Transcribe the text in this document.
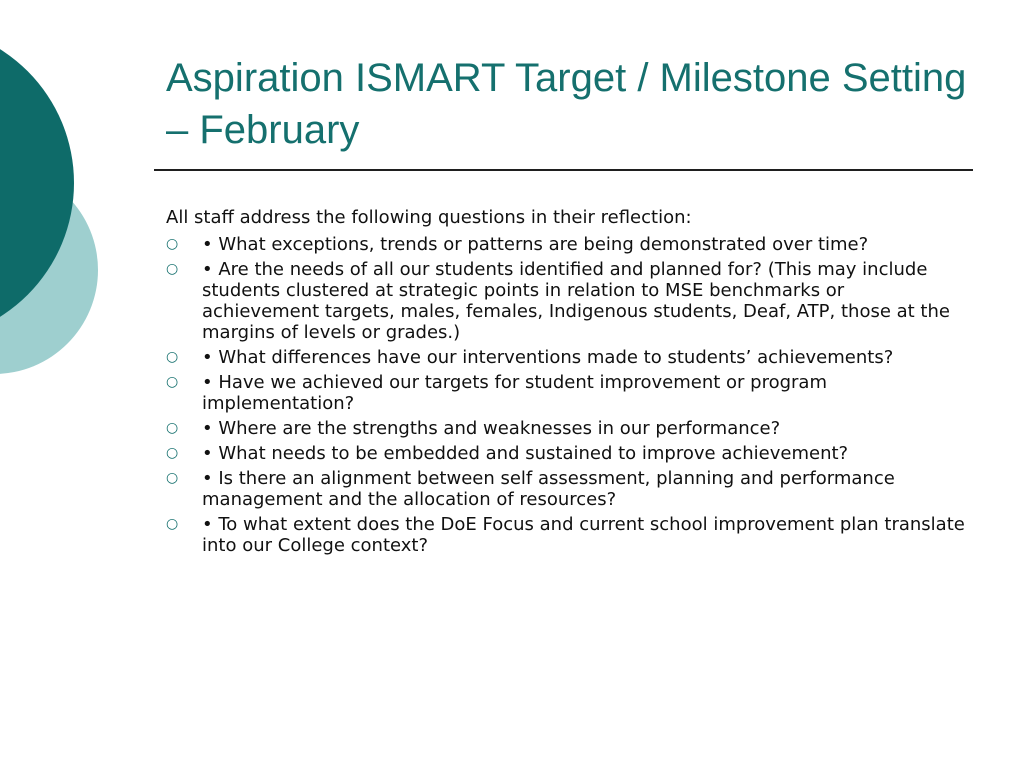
Aspiration ISMART Target / Milestone Setting – February

All staff address the following questions in their reflection:

○ • What exceptions, trends or patterns are being demonstrated over time?
○ • Are the needs of all our students identified and planned for? (This may include students clustered at strategic points in relation to MSE benchmarks or achievement targets, males, females, Indigenous students, Deaf, ATP, those at the margins of levels or grades.)
○ • What differences have our interventions made to students’ achievements?
○ • Have we achieved our targets for student improvement or program implementation?
○ • Where are the strengths and weaknesses in our performance?
○ • What needs to be embedded and sustained to improve achievement?
○ • Is there an alignment between self assessment, planning and performance management and the allocation of resources?
○ • To what extent does the DoE Focus and current school improvement plan translate into our College context?
